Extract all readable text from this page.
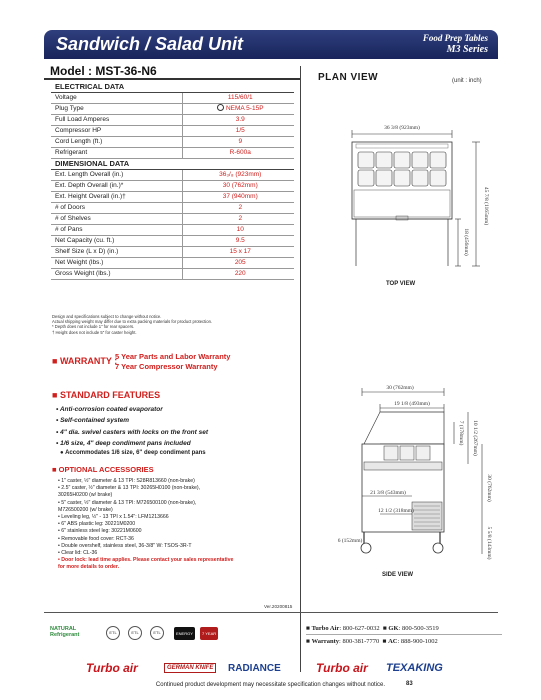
Sandwich / Salad Unit	Food Prep Tables
M3 Series
Model : MST-36-N6
ELECTRICAL DATA	
Voltage	115/60/1
Plug Type	NEMA 5-15P
Full Load Amperes	3.9
Compressor HP	1/5
Cord Length (ft.)	9
Refrigerant	R-600a
DIMENSIONAL DATA	
Ext. Length Overall (in.)	36₃/₈ (923mm)
Ext. Depth Overall (in.)*	30 (762mm)
Ext. Height Overall (in.)†	37 (940mm)
# of Doors	2
# of Shelves	2
# of Pans	10
Net Capacity (cu. ft.)	9.5
Shelf Size (L x D) (in.)	15 x 17
Net Weight (lbs.)	205
Gross Weight (lbs.)	220
Design and specifications subject to change without notice.
Actual shipping weight may differ due to extra packing materials for product protection.
* Depth does not include 1" for rear spacers.
† Height does not include 5" for caster height.
■ WARRANTY :
5 Year Parts and Labor Warranty
7 Year Compressor Warranty
■ STANDARD FEATURES
• Anti-corrosion coated evaporator
• Self-contained system
• 4" dia. swivel casters with locks on the front set
• 1/6 size, 4" deep condiment pans included
● Accommodates 1/6 size, 6" deep condiment pans
■ OPTIONAL ACCESSORIES
• 1" caster, ½" diameter & 13 TPI: S28R813660 (non-brake)
• 2.5" caster, ½" diameter & 13 TPI: 30265H0100 (non-brake),
30265H0200 (w/ brake)
• 5" caster, ½" diameter & 13 TPI: M726500100 (non-brake),
M726500200 (w/ brake)
• Leveling leg, ½" - 13 TPI x 1.54": LFM1213666
• 6" ABS plastic leg: 30221M0200
• 6" stainless steel leg: 30221M0600
• Removable food cover: RCT-36
• Double overshelf, stainless steel, 36-3/8" W: TSOS-3R-T
• Clear lid: CL-36
• Door lock: lead time applies. Please contact your sales representative
for more details to order.
Ver.20200815
NATURAL
Refrigerant	ETL	ETL	ETL	ENERGY	7 YEAR
■ Turbo Air: 800-627-0032  ■ GK: 800-500-3519
■ Warranty: 800-381-7770  ■ AC: 888-900-1002
Turbo air	GERMAN KNIFE	RADIANCE	Turbo air TEXAKING
Continued product development may necessitate specification changes without notice.	83
PLAN VIEW	(unit : inch)
36 3/8 (923mm)
45 7/8 (1165mm)
18 (456mm)
TOP VIEW
30 (762mm)
19 1/8 (493mm)
21 3/8 (543mm)
12 1/2 (318mm)
6 (152mm)
7 (178mm) 10 1/2 (267mm)
30 (762mm)
5 5/8 (143mm)
SIDE VIEW
